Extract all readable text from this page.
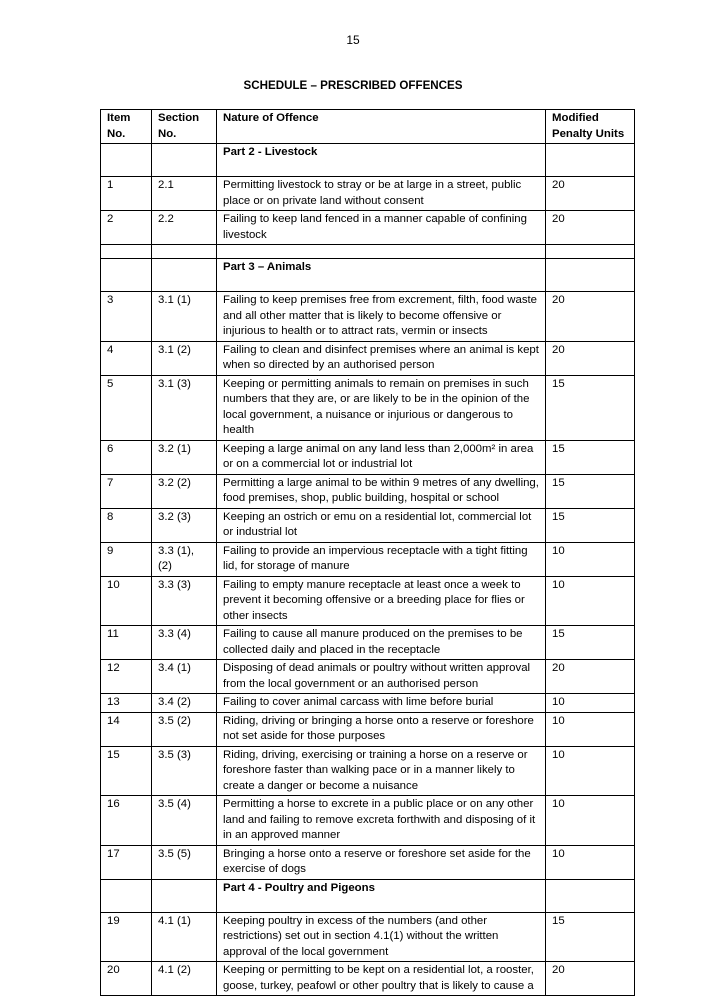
15
SCHEDULE – PRESCRIBED OFFENCES
Item No.	Section No.	Nature of Offence	Modified Penalty Units
		Part 2 - Livestock	
1	2.1	Permitting livestock to stray or be at large in a street, public place or on private land without consent	20
2	2.2	Failing to keep land fenced in a manner capable of confining livestock	20

		Part 3 – Animals	
3	3.1 (1)	Failing to keep premises free from excrement, filth, food waste and all other matter that is likely to become offensive or injurious to health or to attract rats, vermin or insects	20
4	3.1 (2)	Failing to clean and disinfect premises where an animal is kept when so directed by an authorised person	20
5	3.1 (3)	Keeping or permitting animals to remain on premises in such numbers that they are, or are likely to be in the opinion of the local government, a nuisance or injurious or dangerous to health	15
6	3.2 (1)	Keeping a large animal on any land less than 2,000m² in area or on a commercial lot or industrial lot	15
7	3.2 (2)	Permitting a large animal to be within 9 metres of any dwelling, food premises, shop, public building, hospital or school	15
8	3.2 (3)	Keeping an ostrich or emu on a residential lot, commercial lot or industrial lot	15
9	3.3 (1), (2)	Failing to provide an impervious receptacle with a tight fitting lid, for storage of manure	10
10	3.3 (3)	Failing to empty manure receptacle at least once a week to prevent it becoming offensive or a breeding place for flies or other insects	10
11	3.3 (4)	Failing to cause all manure produced on the premises to be collected daily and placed in the receptacle	15
12	3.4 (1)	Disposing of dead animals or poultry without written approval from the local government or an authorised person	20
13	3.4 (2)	Failing to cover animal carcass with lime before burial	10
14	3.5 (2)	Riding, driving or bringing a horse onto a reserve or foreshore not set aside for those purposes	10
15	3.5 (3)	Riding, driving, exercising or training a horse on a reserve or foreshore faster than walking pace or in a manner likely to create a danger or become a nuisance	10
16	3.5 (4)	Permitting a horse to excrete in a public place or on any other land and failing to remove excreta forthwith and disposing of it in an approved manner	10
17	3.5 (5)	Bringing a horse onto a reserve or foreshore set aside for the exercise of dogs	10
		Part 4 - Poultry and Pigeons	
19	4.1 (1)	Keeping poultry in excess of the numbers (and other restrictions) set out in section 4.1(1) without the written approval of the local government	15
20	4.1 (2)	Keeping or permitting to be kept on a residential lot, a rooster, goose, turkey, peafowl or other poultry that is likely to cause a	20
